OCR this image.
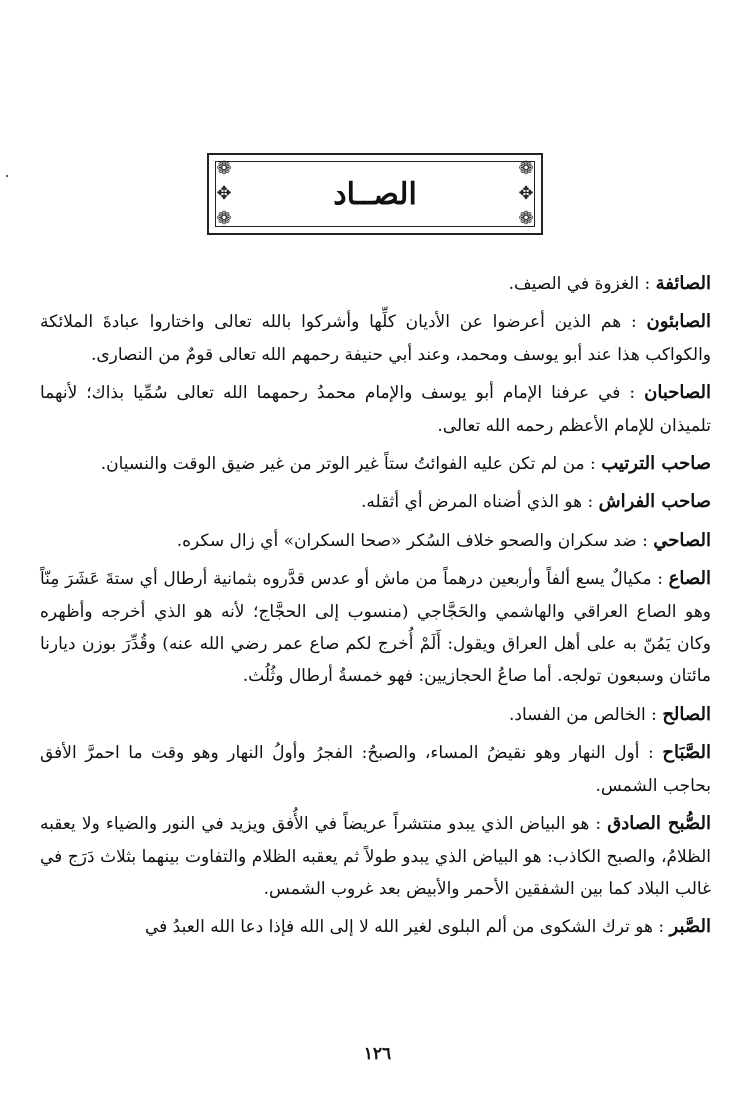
❁	❁
❁	❁
✥	✥
الصــاد

الصائفة : الغزوة في الصيف.

الصابئون : هم الذين أعرضوا عن الأديان كلِّها وأشركوا بالله تعالى واختاروا عبادةَ الملائكة والكواكب هذا عند أبو يوسف ومحمد، وعند أبي حنيفة رحمهم الله تعالى قومٌ من النصارى.

الصاحبان : في عرفنا الإمام أبو يوسف والإمام محمدُ رحمهما الله تعالى سُمِّيا بذاك؛ لأنهما تلميذان للإمام الأعظم رحمه الله تعالى.

صاحب الترتيب : من لم تكن عليه الفوائتُ ستاً غير الوتر من غير ضيق الوقت والنسيان.

صاحب الفراش : هو الذي أضناه المرض أي أثقله.

الصاحي : ضد سكران والصحو خلاف السُكر «صحا السكران» أي زال سكره.

الصاع : مكيالٌ يسع ألفاً وأربعين درهماً من ماش أو عدس قدَّروه بثمانية أرطال أي ستةَ عَشَرَ مِنّاً وهو الصاع العراقي والهاشمي والحَجَّاجي (منسوب إلى الحجَّاج؛ لأنه هو الذي أخرجه وأظهره وكان يَمُنّ به على أهل العراق ويقول: أَلَمْ أُخرج لكم صاع عمر رضي الله عنه) وقُدِّرَ بوزن ديارنا مائتان وسبعون تولجه. أما صاعُ الحجازيين: فهو خمسةُ أرطال وثُلُث.

الصالح : الخالص من الفساد.

الصَّبَاح : أول النهار وهو نقيضُ المساء، والصبحُ: الفجرُ وأولُ النهار وهو وقت ما احمرَّ الأفق بحاجب الشمس.

الصُّبح الصادق : هو البياض الذي يبدو منتشراً عريضاً في الأُفق ويزيد في النور والضياء ولا يعقبه الظلامُ، والصبح الكاذب: هو البياض الذي يبدو طولاً ثم يعقبه الظلام والتفاوت بينهما بثلاث دَرَج في غالب البلاد كما بين الشفقين الأحمر والأبيض بعد غروب الشمس.

الصَّبر : هو ترك الشكوى من ألم البلوى لغير الله لا إلى الله فإذا دعا الله العبدُ في

١٢٦
